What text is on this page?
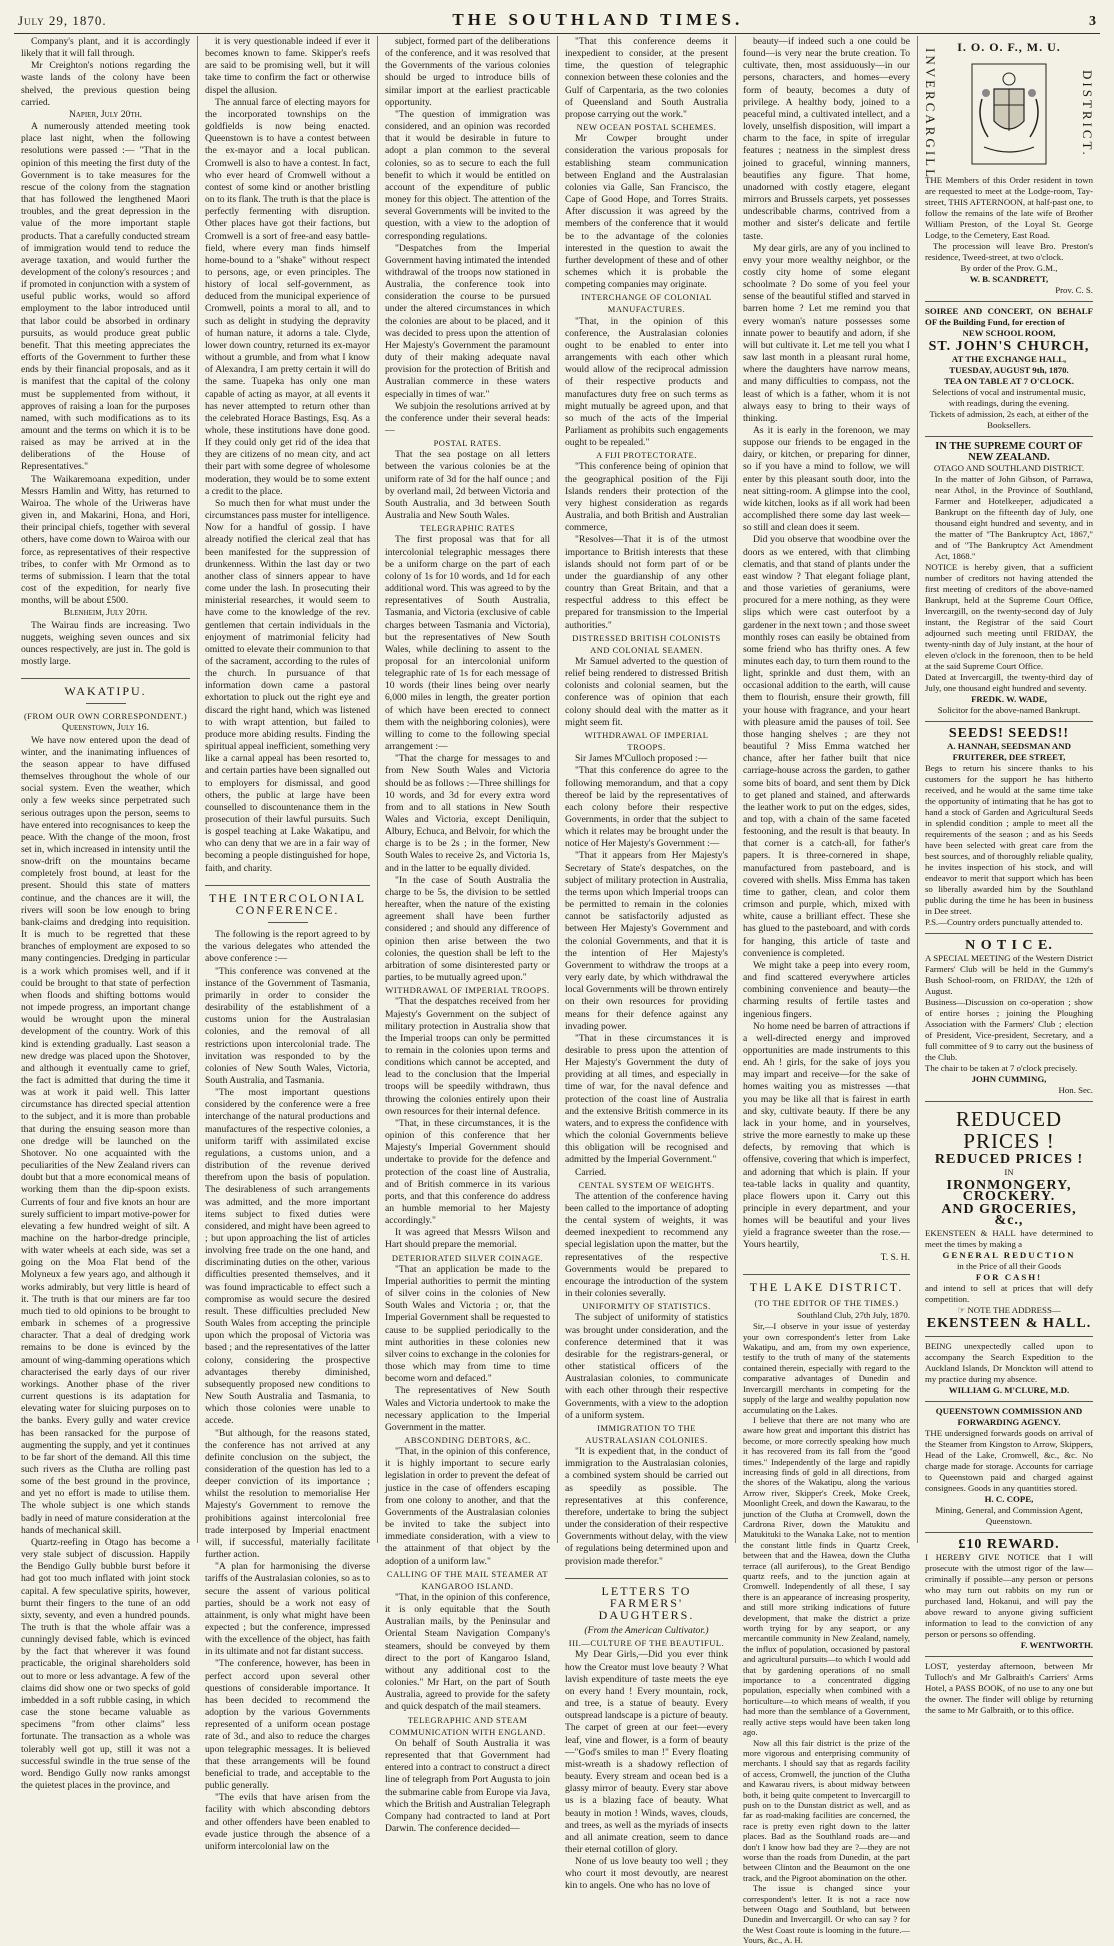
July 29, 1870.	THE SOUTHLAND TIMES.	3

Company's plant, and it is accordingly likely that it will fall through.

Mr Creighton's notions regarding the waste lands of the colony have been shelved, the previous question being carried.

Napier, July 20th.

A numerously attended meeting took place last night, when the following resolutions were passed :— "That in the opinion of this meeting the first duty of the Government is to take measures for the rescue of the colony from the stagnation that has followed the lengthened Maori troubles, and the great depression in the value of the more important staple products. That a carefully conducted stream of immigration would tend to reduce the average taxation, and would further the development of the colony's resources ; and if promoted in conjunction with a system of useful public works, would so afford employment to the labor introduced until that labor could be absorbed in ordinary pursuits, as would produce great public benefit. That this meeting appreciates the efforts of the Government to further these ends by their financial proposals, and as it is manifest that the capital of the colony must be supplemented from without, it approves of raising a loan for the purposes named, with such modifications as to its amount and the terms on which it is to be raised as may be arrived at in the deliberations of the House of Representatives."

The Waikaremoana expedition, under Messrs Hamlin and Witty, has returned to Wairoa. The whole of the Uriweras have given in, and Makarini, Hona, and Hori, their principal chiefs, together with several others, have come down to Wairoa with our force, as representatives of their respective tribes, to confer with Mr Ormond as to terms of submission. I learn that the total cost of the expedition, for nearly five months, will be about £500.

Blenheim, July 20th.

The Wairau finds are increasing. Two nuggets, weighing seven ounces and six ounces respectively, are just in. The gold is mostly large.

WAKATIPU.

(FROM OUR OWN CORRESPONDENT.)

Queenstown, July 16.

We have now entered upon the dead of winter, and the inanimating influences of the season appear to have diffused themselves throughout the whole of our social system. Even the weather, which only a few weeks since perpetrated such serious outrages upon the person, seems to have entered into recognisances to keep the peace. With the change of the moon, frost set in, which increased in intensity until the snow-drift on the mountains became completely frost bound, at least for the present. Should this state of matters continue, and the chances are it will, the rivers will soon be low enough to bring bank-claims and dredging into requisition. It is much to be regretted that these branches of employment are exposed to so many contingencies. Dredging in particular is a work which promises well, and if it could be brought to that state of perfection when floods and shifting bottoms would not impede progress, an important change would be wrought upon the mineral development of the country. Work of this kind is extending gradually. Last season a new dredge was placed upon the Shotover, and although it eventually came to grief, the fact is admitted that during the time it was at work it paid well. This latter circumstance has directed special attention to the subject, and it is more than probable that during the ensuing season more than one dredge will be launched on the Shotover. No one acquainted with the peculiarities of the New Zealand rivers can doubt but that a more economical means of working them than the dip-spoon exists. Currents of four and five knots an hour are surely sufficient to impart motive-power for elevating a few hundred weight of silt. A machine on the harbor-dredge principle, with water wheels at each side, was set a going on the Moa Flat bend of the Molyneux a few years ago, and although it works admirably, but very little is heard of it. The truth is that our miners are far too much tied to old opinions to be brought to embark in schemes of a progressive character. That a deal of dredging work remains to be done is evinced by the amount of wing-damming operations which characterised the early days of our river workings. Another phase of the river current questions is its adaptation for elevating water for sluicing purposes on to the banks. Every gully and water crevice has been ransacked for the purpose of augmenting the supply, and yet it continues to be far short of the demand. All this time such rivers as the Clutha are rolling past some of the best ground in the province, and yet no effort is made to utilise them. The whole subject is one which stands badly in need of mature consideration at the hands of mechanical skill.

Quartz-reefing in Otago has become a very stale subject of discussion. Happily the Bendigo Gully bubble burst before it had got too much inflated with joint stock capital. A few speculative spirits, however, burnt their fingers to the tune of an odd sixty, seventy, and even a hundred pounds. The truth is that the whole affair was a cunningly devised fable, which is evinced by the fact that wherever it was found practicable, the original shareholders sold out to more or less advantage. A few of the claims did show one or two specks of gold imbedded in a soft rubble casing, in which case the stone became valuable as specimens "from other claims" less fortunate. The transaction as a whole was tolerably well got up, still it was not a successful swindle in the true sense of the word. Bendigo Gully now ranks amongst the quietest places in the province, and

it is very questionable indeed if ever it becomes known to fame. Skipper's reefs are said to be promising well, but it will take time to confirm the fact or otherwise dispel the allusion.

The annual farce of electing mayors for the incorporated townships on the goldfields is now being enacted. Queenstown is to have a contest between the ex-mayor and a local publican. Cromwell is also to have a contest. In fact, who ever heard of Cromwell without a contest of some kind or another bristling on to its flank. The truth is that the place is perfectly fermenting with disruption. Other places have got their factions, but Cromwell is a sort of free-and easy battle-field, where every man finds himself home-bound to a "shake" without respect to persons, age, or even principles. The history of local self-government, as deduced from the municipal experience of Cromwell, points a moral to all, and to such as delight in studying the depravity of human nature, it adorns a tale. Clyde, lower down country, returned its ex-mayor without a grumble, and from what I know of Alexandra, I am pretty certain it will do the same. Tuapeka has only one man capable of acting as mayor, at all events it has never attempted to return other than the celebrated Horace Bastings, Esq. As a whole, these institutions have done good. If they could only get rid of the idea that they are citizens of no mean city, and act their part with some degree of wholesome moderation, they would be to some extent a credit to the place.

So much then for what must under the circumstances pass muster for intelligence. Now for a handful of gossip. I have already notified the clerical zeal that has been manifested for the suppression of drunkenness. Within the last day or two another class of sinners appear to have come under the lash. In prosecuting their ministerial researches, it would seem to have come to the knowledge of the rev. gentlemen that certain individuals in the enjoyment of matrimonial felicity had omitted to elevate their communion to that of the sacrament, according to the rules of the church. In pursuance of that information down came a pastoral exhortation to pluck out the right eye and discard the right hand, which was listened to with wrapt attention, but failed to produce more abiding results. Finding the spiritual appeal inefficient, something very like a carnal appeal has been resorted to, and certain parties have been signalled out to employers for dismissal, and good others, the public at large have been counselled to discountenance them in the prosecution of their lawful pursuits. Such is gospel teaching at Lake Wakatipu, and who can deny that we are in a fair way of becoming a people distinguished for hope, faith, and charity.

THE INTERCOLONIAL CONFERENCE.

The following is the report agreed to by the various delegates who attended the above conference :—

"This conference was convened at the instance of the Government of Tasmania, primarily in order to consider the desirability of the establishment of a customs union for the Australasian colonies, and the removal of all restrictions upon intercolonial trade. The invitation was responded to by the colonies of New South Wales, Victoria, South Australia, and Tasmania.

"The most important questions considered by the conference were a free interchange of the natural productions and manufactures of the respective colonies, a uniform tariff with assimilated excise regulations, a customs union, and a distribution of the revenue derived therefrom upon the basis of population. The desirableness of such arrangements was admitted, and the more important items subject to fixed duties were considered, and might have been agreed to ; but upon approaching the list of articles involving free trade on the one hand, and discriminating duties on the other, various difficulties presented themselves, and it was found impracticable to effect such a compromise as would secure the desired result. These difficulties precluded New South Wales from accepting the principle upon which the proposal of Victoria was based ; and the representatives of the latter colony, considering the prospective advantages thereby diminished, subsequently proposed new conditions to New South Australia and Tasmania, to which those colonies were unable to accede.

"But although, for the reasons stated, the conference has not arrived at any definite conclusion on the subject, the consideration of the question has led to a deeper conviction of its importance ; whilst the resolution to memorialise Her Majesty's Government to remove the prohibitions against intercolonial free trade interposed by Imperial enactment will, if successful, materially facilitate further action.

"A plan for harmonising the diverse tariffs of the Australasian colonies, so as to secure the assent of various political parties, should be a work not easy of attainment, is only what might have been expected ; but the conference, impressed with the excellence of the object, has faith in its ultimate and not far distant success.

"The conference, however, has been in perfect accord upon several other questions of considerable importance. It has been decided to recommend the adoption by the various Governments represented of a uniform ocean postage rate of 3d., and also to reduce the charges upon telegraphic messages. It is believed that these arrangements will be found beneficial to trade, and acceptable to the public generally.

"The evils that have arisen from the facility with which absconding debtors and other offenders have been enabled to evade justice through the absence of a uniform intercolonial law on the

subject, formed part of the deliberations of the conference, and it was resolved that the Governments of the various colonies should be urged to introduce bills of similar import at the earliest practicable opportunity.

"The question of immigration was considered, and an opinion was recorded that it would be desirable in future to adopt a plan common to the several colonies, so as to secure to each the full benefit to which it would be entitled on account of the expenditure of public money for this object. The attention of the several Governments will be invited to the question, with a view to the adoption of corresponding regulations.

"Despatches from the Imperial Government having intimated the intended withdrawal of the troops now stationed in Australia, the conference took into consideration the course to be pursued under the altered circumstances in which the colonies are about to be placed, and it was decided to press upon the attention of Her Majesty's Government the paramount duty of their making adequate naval provision for the protection of British and Australian commerce in these waters especially in times of war."

We subjoin the resolutions arrived at by the conference under their several heads:—

POSTAL RATES.

That the sea postage on all letters between the various colonies be at the uniform rate of 3d for the half ounce ; and by overland mail, 2d between Victoria and South Australia, and 3d between South Australia and New South Wales.

TELEGRAPHIC RATES

The first proposal was that for all intercolonial telegraphic messages there be a uniform charge on the part of each colony of 1s for 10 words, and 1d for each additional word. This was agreed to by the representatives of South Australia, Tasmania, and Victoria (exclusive of cable charges between Tasmania and Victoria), but the representatives of New South Wales, while declining to assent to the proposal for an intercolonial uniform telegraphic rate of 1s for each message of 10 words (their lines being over nearly 6,000 miles in length, the greater portion of which have been erected to connect them with the neighboring colonies), were willing to come to the following special arrangement :—

"That the charge for messages to and from New South Wales and Victoria should be as follows :—Three shillings for 10 words, and 3d for every extra word from and to all stations in New South Wales and Victoria, except Deniliquin, Albury, Echuca, and Belvoir, for which the charge is to be 2s ; in the former, New South Wales to receive 2s, and Victoria 1s, and in the latter to be equally divided.

"In the case of South Australia the charge to be 5s, the division to be settled hereafter, when the nature of the existing agreement shall have been further considered ; and should any difference of opinion then arise between the two colonies, the question shall be left to the arbitration of some disinterested party or parties, to be mutually agreed upon."

WITHDRAWAL OF IMPERIAL TROOPS.

"That the despatches received from her Majesty's Government on the subject of military protection in Australia show that the Imperial troops can only be permitted to remain in the colonies upon terms and conditions which cannot be accepted, and lead to the conclusion that the Imperial troops will be speedily withdrawn, thus throwing the colonies entirely upon their own resources for their internal defence.

"That, in these circumstances, it is the opinion of this conference that her Majesty's Imperial Government should undertake to provide for the defence and protection of the coast line of Australia, and of British commerce in its various ports, and that this conference do address an humble memorial to her Majesty accordingly."

It was agreed that Messrs Wilson and Hart should prepare the memorial.

DETERIORATED SILVER COINAGE.

"That an application be made to the Imperial authorities to permit the minting of silver coins in the colonies of New South Wales and Victoria ; or, that the Imperial Government shall be requested to cause to be supplied periodically to the mint authorities in these colonies new silver coins to exchange in the colonies for those which may from time to time become worn and defaced."

The representatives of New South Wales and Victoria undertook to make the necessary application to the Imperial Government in the matter.

ABSCONDING DEBTORS, &C.

"That, in the opinion of this conference, it is highly important to secure early legislation in order to prevent the defeat of justice in the case of offenders escaping from one colony to another, and that the Governments of the Australasian colonies be invited to take the subject into immediate consideration, with a view to the attainment of that object by the adoption of a uniform law."

CALLING OF THE MAIL STEAMER AT KANGAROO ISLAND.

"That, in the opinion of this conference, it is only equitable that the South Australian mails, by the Peninsular and Oriental Steam Navigation Company's steamers, should be conveyed by them direct to the port of Kangaroo Island, without any additional cost to the colonies." Mr Hart, on the part of South Australia, agreed to provide for the safety and quick despatch of the mail steamers.

TELEGRAPHIC AND STEAM COMMUNICATION WITH ENGLAND.

On behalf of South Australia it was represented that that Government had entered into a contract to construct a direct line of telegraph from Port Augusta to join the submarine cable from Europe via Java, which the British and Australian Telegraph Company had contracted to land at Port Darwin. The conference decided—

"That this conference deems it inexpedient to consider, at the present time, the question of telegraphic connexion between these colonies and the Gulf of Carpentaria, as the two colonies of Queensland and South Australia propose carrying out the work."

NEW OCEAN POSTAL SCHEMES.

Mr Cowper brought under consideration the various proposals for establishing steam communication between England and the Australasian colonies via Galle, San Francisco, the Cape of Good Hope, and Torres Straits. After discussion it was agreed by the members of the conference that it would be to the advantage of the colonies interested in the question to await the further development of these and of other schemes which it is probable the competing companies may originate.

INTERCHANGE OF COLONIAL MANUFACTURES.

"That, in the opinion of this conference, the Australasian colonies ought to be enabled to enter into arrangements with each other which would allow of the reciprocal admission of their respective products and manufactures duty free on such terms as might mutually be agreed upon, and that so much of the acts of the Imperial Parliament as prohibits such engagements ought to be repealed."

A FIJI PROTECTORATE.

"This conference being of opinion that the geographical position of the Fiji Islands renders their protection of the very highest consideration as regards Australia, and both British and Australian commerce,

"Resolves—That it is of the utmost importance to British interests that these islands should not form part of or be under the guardianship of any other country than Great Britain, and that a respectful address to this effect be prepared for transmission to the Imperial authorities."

DISTRESSED BRITISH COLONISTS AND COLONIAL SEAMEN.

Mr Samuel adverted to the question of relief being rendered to distressed British colonists and colonial seamen, but the conference was of opinion that each colony should deal with the matter as it might seem fit.

WITHDRAWAL OF IMPERIAL TROOPS.

Sir James M'Culloch proposed :—

"That this conference do agree to the following memorandum, and that a copy thereof be laid by the representatives of each colony before their respective Governments, in order that the subject to which it relates may be brought under the notice of Her Majesty's Government :—

"That it appears from Her Majesty's Secretary of State's despatches, on the subject of military protection in Australia, the terms upon which Imperial troops can be permitted to remain in the colonies cannot be satisfactorily adjusted as between Her Majesty's Government and the colonial Governments, and that it is the intention of Her Majesty's Government to withdraw the troops at a very early date, by which withdrawal the local Governments will be thrown entirely on their own resources for providing means for their defence against any invading power.

"That in these circumstances it is desirable to press upon the attention of Her Majesty's Government the duty of providing at all times, and especially in time of war, for the naval defence and protection of the coast line of Australia and the extensive British commerce in its waters, and to express the confidence with which the colonial Governments believe this obligation will be recognised and admitted by the Imperial Government."

Carried.

CENTAL SYSTEM OF WEIGHTS.

The attention of the conference having been called to the importance of adopting the cental system of weights, it was deemed inexpedient to recommend any special legislation upon the matter, but the representatives of the respective Governments would be prepared to encourage the introduction of the system in their colonies severally.

UNIFORMITY OF STATISTICS.

The subject of uniformity of statistics was brought under consideration, and the conference determined that it was desirable for the registrars-general, or other statistical officers of the Australasian colonies, to communicate with each other through their respective Governments, with a view to the adoption of a uniform system.

IMMIGRATION TO THE AUSTRALASIAN COLONIES.

"It is expedient that, in the conduct of immigration to the Australasian colonies, a combined system should be carried out as speedily as possible. The representatives at this conference, therefore, undertake to bring the subject under the consideration of their respective Governments without delay, with the view of regulations being determined upon and provision made therefor."

LETTERS TO FARMERS' DAUGHTERS.

(From the American Cultivator.)

III.—CULTURE OF THE BEAUTIFUL.

My Dear Girls,—Did you ever think how the Creator must love beauty ? What lavish expenditure of taste meets the eye on every hand ! Every mountain, rock, and tree, is a statue of beauty. Every outspread landscape is a picture of beauty. The carpet of green at our feet—every leaf, vine and flower, is a form of beauty —"God's smiles to man !" Every floating mist-wreath is a shadowy reflection of beauty. Every stream and ocean bed is a glassy mirror of beauty. Every star above us is a blazing face of beauty. What beauty in motion ! Winds, waves, clouds, and trees, as well as the myriads of insects and all animate creation, seem to dance their eternal cotillon of glory.

None of us love beauty too well ; they who court it most devoutly, are nearest kin to angels. One who has no love of

beauty—if indeed such a one could be found—is very near the brute creation. To cultivate, then, most assiduously—in our persons, characters, and homes—every form of beauty, becomes a duty of privilege. A healthy body, joined to a peaceful mind, a cultivated intellect, and a lovely, unselfish disposition, will impart a charm to the face, in spite of irregular features ; neatness in the simplest dress joined to graceful, winning manners, beautifies any figure. That home, unadorned with costly etagere, elegant mirrors and Brussels carpets, yet possesses undescribable charms, contrived from a mother and sister's delicate and fertile taste.

My dear girls, are any of you inclined to envy your more wealthy neighbor, or the costly city home of some elegant schoolmate ? Do some of you feel your sense of the beautiful stifled and starved in barren home ? Let me remind you that every woman's nature possesses some innate power to beautify and adorn, if she will but cultivate it. Let me tell you what I saw last month in a pleasant rural home, where the daughters have narrow means, and many difficulties to compass, not the least of which is a father, whom it is not always easy to bring to their ways of thinking.

As it is early in the forenoon, we may suppose our friends to be engaged in the dairy, or kitchen, or preparing for dinner, so if you have a mind to follow, we will enter by this pleasant south door, into the neat sitting-room. A glimpse into the cool, wide kitchen, looks as if all work had been accomplished there some day last week—so still and clean does it seem.

Did you observe that woodbine over the doors as we entered, with that climbing clematis, and that stand of plants under the east window ? That elegant foliage plant, and those varieties of geraniums, were procured for a mere nothing, as they were slips which were cast outerfoot by a gardener in the next town ; and those sweet monthly roses can easily be obtained from some friend who has thrifty ones. A few minutes each day, to turn them round to the light, sprinkle and dust them, with an occasional addition to the earth, will cause them to flourish, ensure their growth, fill your house with fragrance, and your heart with pleasure amid the pauses of toil. See those hanging shelves ; are they not beautiful ? Miss Emma watched her chance, after her father built that nice carriage-house across the garden, to gather some bits of board, and sent them by Dick to get planed and stained, and afterwards the leather work to put on the edges, sides, and top, with a chain of the same faceted festooning, and the result is that beauty. In that corner is a catch-all, for father's papers. It is three-cornered in shape, manufactured from pasteboard, and is covered with shells. Miss Emma has taken time to gather, clean, and color them crimson and purple, which, mixed with white, cause a brilliant effect. These she has glued to the pasteboard, and with cords for hanging, this article of taste and convenience is completed.

We might take a peep into every room, and find scattered everywhere articles combining convenience and beauty—the charming results of fertile tastes and ingenious fingers.

No home need be barren of attractions if a well-directed energy and improved opportunities are made instruments to this end. Ah ! girls, for the sake of joys you may impart and receive—for the sake of homes waiting you as mistresses —that you may be like all that is fairest in earth and sky, cultivate beauty. If there be any lack in your home, and in yourselves, strive the more earnestly to make up these defects, by removing that which is offensive, covering that which is imperfect, and adorning that which is plain. If your tea-table lacks in quality and quantity, place flowers upon it. Carry out this principle in every department, and your homes will be beautiful and your lives yield a fragrance sweeter than the rose.—Yours heartily,

T. S. H.

THE LAKE DISTRICT.

(TO THE EDITOR OF THE TIMES.)

Southland Club, 27th July, 1870.

Sir,—I observe in your issue of yesterday your own correspondent's letter from Lake Wakatipu, and am, from my own experience, testify to the truth of many of the statements contained therein, especially with regard to the comparative advantages of Dunedin and Invercargill merchants in competing for the supply of the large and wealthy population now accumulating on the Lakes.

I believe that there are not many who are aware how great and important this district has become, or more correctly speaking how much it has recovered from its fall from the "good times." Independently of the large and rapidly increasing finds of gold in all directions, from the shores of the Wakatipu, along the various Arrow river, Skipper's Creek, Moke Creek, Moonlight Creek, and down the Kawarau, to the junction of the Clutha at Cromwell, down the Cardrona River, down the Matukitu and Matukituki to the Wanaka Lake, not to mention the constant little finds in Quartz Creek, between that and the Hawea, down the Clutha terrace (all auriferous), to the Great Bendigo quartz reefs, and to the junction again at Cromwell. Independently of all these, I say there is an appearance of increasing prosperity, and still more striking indications of future development, that make the district a prize worth trying for by any seaport, or any mercantile community in New Zealand, namely, the influx of population, occasioned by pastoral and agricultural pursuits—to which I would add that by gardening operations of no small importance to a concentrated digging population, especially when combined with a horticulture—to which means of wealth, if you had more than the semblance of a Government, really active steps would have been taken long ago.

Now all this fair district is the prize of the more vigorous and enterprising community of merchants. I should say that as regards facility of access, Cromwell, the junction of the Clutha and Kawarau rivers, is about midway between both, it being quite competent to Invercargill to push on to the Dunstan district as well, and as far as road-making facilities are concerned, the race is pretty even right down to the latter places. Bad as the Southland roads are—and don't I know how bad they are ?—they are not worse than the roads from Dunedin, at the part between Clinton and the Beaumont on the one track, and the Pigroot abomination on the other.

The issue is changed since your correspondent's letter. It is not a race now between Otago and Southland, but between Dunedin and Invercargill. Or who can say ? for the West Coast route is looming in the future.—Yours, &c., A. H.

I. O. O. F., M. U.
INVERCARGILL	DISTRICT.

THE Members of this Order resident in town are requested to meet at the Lodge-room, Tay-street, THIS AFTERNOON, at half-past one, to follow the remains of the late wife of Brother William Preston, of the Loyal St. George Lodge, to the Cemetery, East Road.

The procession will leave Bro. Preston's residence, Tweed-street, at two o'clock.

By order of the Prov. G.M.,

W. B. SCANDRETT,

Prov. C. S.

SOIREE AND CONCERT, ON BEHALF OF the Building Fund, for erection of

NEW SCHOOL ROOM,

ST. JOHN'S CHURCH,

AT THE EXCHANGE HALL,

TUESDAY, AUGUST 9th, 1870.

TEA ON TABLE AT 7 O'CLOCK.

Selections of vocal and instrumental music, with readings, during the evening.

Tickets of admission, 2s each, at either of the Booksellers.

IN THE SUPREME COURT OF NEW ZEALAND.

OTAGO AND SOUTHLAND DISTRICT.

In the matter of John Gibson, of Parrawa, near Athol, in the Province of Southland, Farmer and Hotelkeeper, adjudicated a Bankrupt on the fifteenth day of July, one thousand eight hundred and seventy, and in the matter of "The Bankruptcy Act, 1867," and of "The Bankruptcy Act Amendment Act, 1868."

NOTICE is hereby given, that a sufficient number of creditors not having attended the first meeting of creditors of the above-named Bankrupt, held at the Supreme Court Office, Invercargill, on the twenty-second day of July instant, the Registrar of the said Court adjourned such meeting until FRIDAY, the twenty-ninth day of July instant, at the hour of eleven o'clock in the forenoon, then to be held at the said Supreme Court Office.

Dated at Invercargill, the twenty-third day of July, one thousand eight hundred and seventy.

FREDK. W. WADE,

Solicitor for the above-named Bankrupt.

SEEDS! SEEDS!!

A. HANNAH, SEEDSMAN AND FRUITERER, DEE STREET,

Begs to return his sincere thanks to his customers for the support he has hitherto received, and he would at the same time take the opportunity of intimating that he has got to hand a stock of Garden and Agricultural Seeds in splendid condition ; ample to meet all the requirements of the season ; and as his Seeds have been selected with great care from the best sources, and of thoroughly reliable quality, he invites inspection of his stock, and will endeavor to merit that support which has been so liberally awarded him by the Southland public during the time he has been in business in Dee street.

P.S.—Country orders punctually attended to.

N O T I C E.

A SPECIAL MEETING of the Western District Farmers' Club will be held in the Gummy's Bush School-room, on FRIDAY, the 12th of August.

Business—Discussion on co-operation ; show of entire horses ; joining the Ploughing Association with the Farmers' Club ; election of President, Vice-president, Secretary, and a full committee of 9 to carry out the business of the Club.

The chair to be taken at 7 o'clock precisely.

JOHN CUMMING,

Hon. Sec.

REDUCED PRICES !

REDUCED PRICES !

IN

IRONMONGERY, CROCKERY.

AND GROCERIES, &c.,

EKENSTEEN & HALL have determined to meet the times by making a

GENERAL REDUCTION

in the Price of all their Goods

FOR CASH!

and intend to sell at prices that will defy competition.

☞ NOTE THE ADDRESS—

EKENSTEEN & HALL.

BEING unexpectedly called upon to accompany the Search Expedition to the Auckland Islands, Dr Monckton will attend to my practice during my absence.

WILLIAM G. M'CLURE, M.D.

QUEENSTOWN COMMISSION AND FORWARDING AGENCY.

THE undersigned forwards goods on arrival of the Steamer from Kingston to Arrow, Skippers, Head of the Lake, Cromwell, &c., &c. No charge made for storage. Accounts for carriage to Queenstown paid and charged against consignees. Goods in any quantities stored.

H. C. COPE,

Mining, General, and Commission Agent, Queenstown.

£10 REWARD.

I HEREBY GIVE NOTICE that I will prosecute with the utmost rigor of the law—criminally if possible—any person or persons who may turn out rabbits on my run or purchased land, Hokanui, and will pay the above reward to anyone giving sufficient information to lead to the conviction of any person or persons so offending.

F. WENTWORTH.

LOST, yesterday afternoon, between Mr Tulloch's and Mr Galbraith's Carriers' Arms Hotel, a PASS BOOK, of no use to any one but the owner. The finder will oblige by returning the same to Mr Galbraith, or to this office.
